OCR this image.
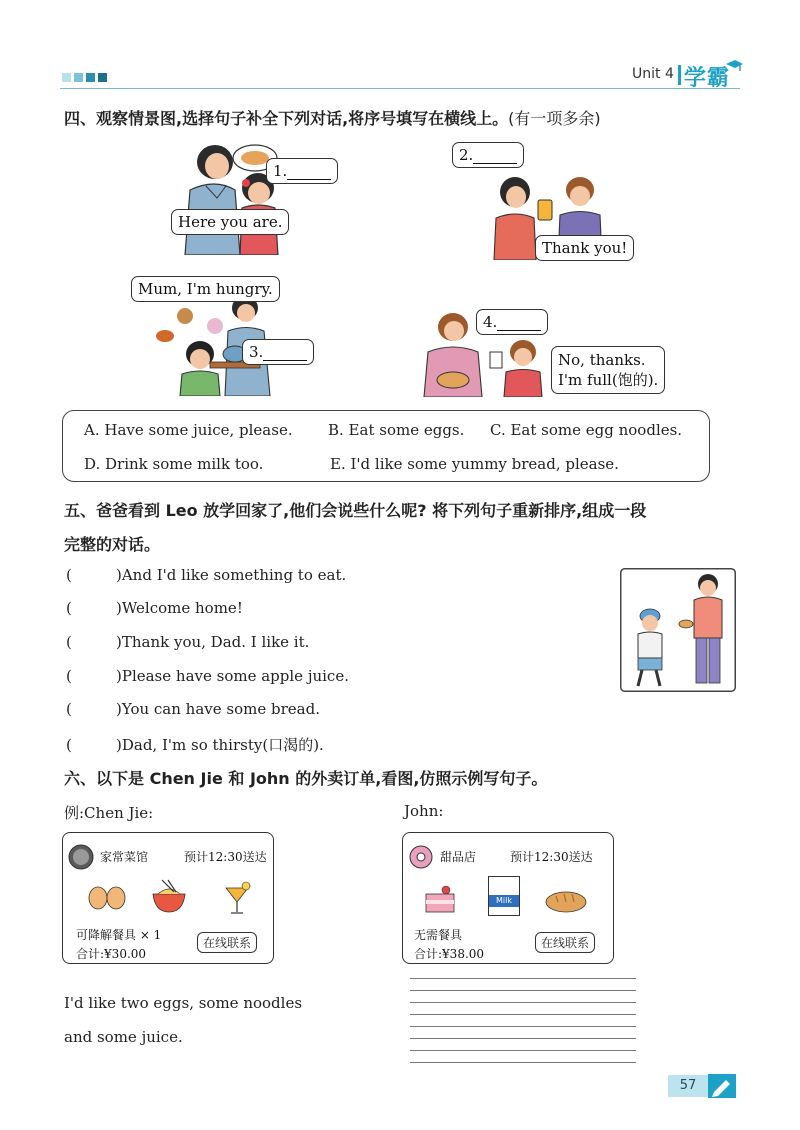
Unit 4 学霸
四、观察情景图,选择句子补全下列对话,将序号填写在横线上。(有一项多余)
1.
Here you are.
2.
Thank you!
Mum, I'm hungry.
3.
4.
No, thanks.
I'm full(饱的).
A. Have some juice, please. B. Eat some eggs. C. Eat some egg noodles.
D. Drink some milk too.	E. I'd like some yummy bread, please.
五、爸爸看到 Leo 放学回家了,他们会说些什么呢? 将下列句子重新排序,组成一段
完整的对话。
(	)And I'd like something to eat.
(	)Welcome home!
(	)Thank you, Dad. I like it.
(	)Please have some apple juice.
(	)You can have some bread.
(	)Dad, I'm so thirsty(口渴的).
六、以下是 Chen Jie 和 John 的外卖订单,看图,仿照示例写句子。
例:Chen Jie:	John:
家常菜馆	预计12:30送达
可降解餐具 × 1
合计:¥30.00
在线联系
甜品店	预计12:30送达
Milk
无需餐具
合计:¥38.00
在线联系
I'd like two eggs, some noodles
and some juice.
57
